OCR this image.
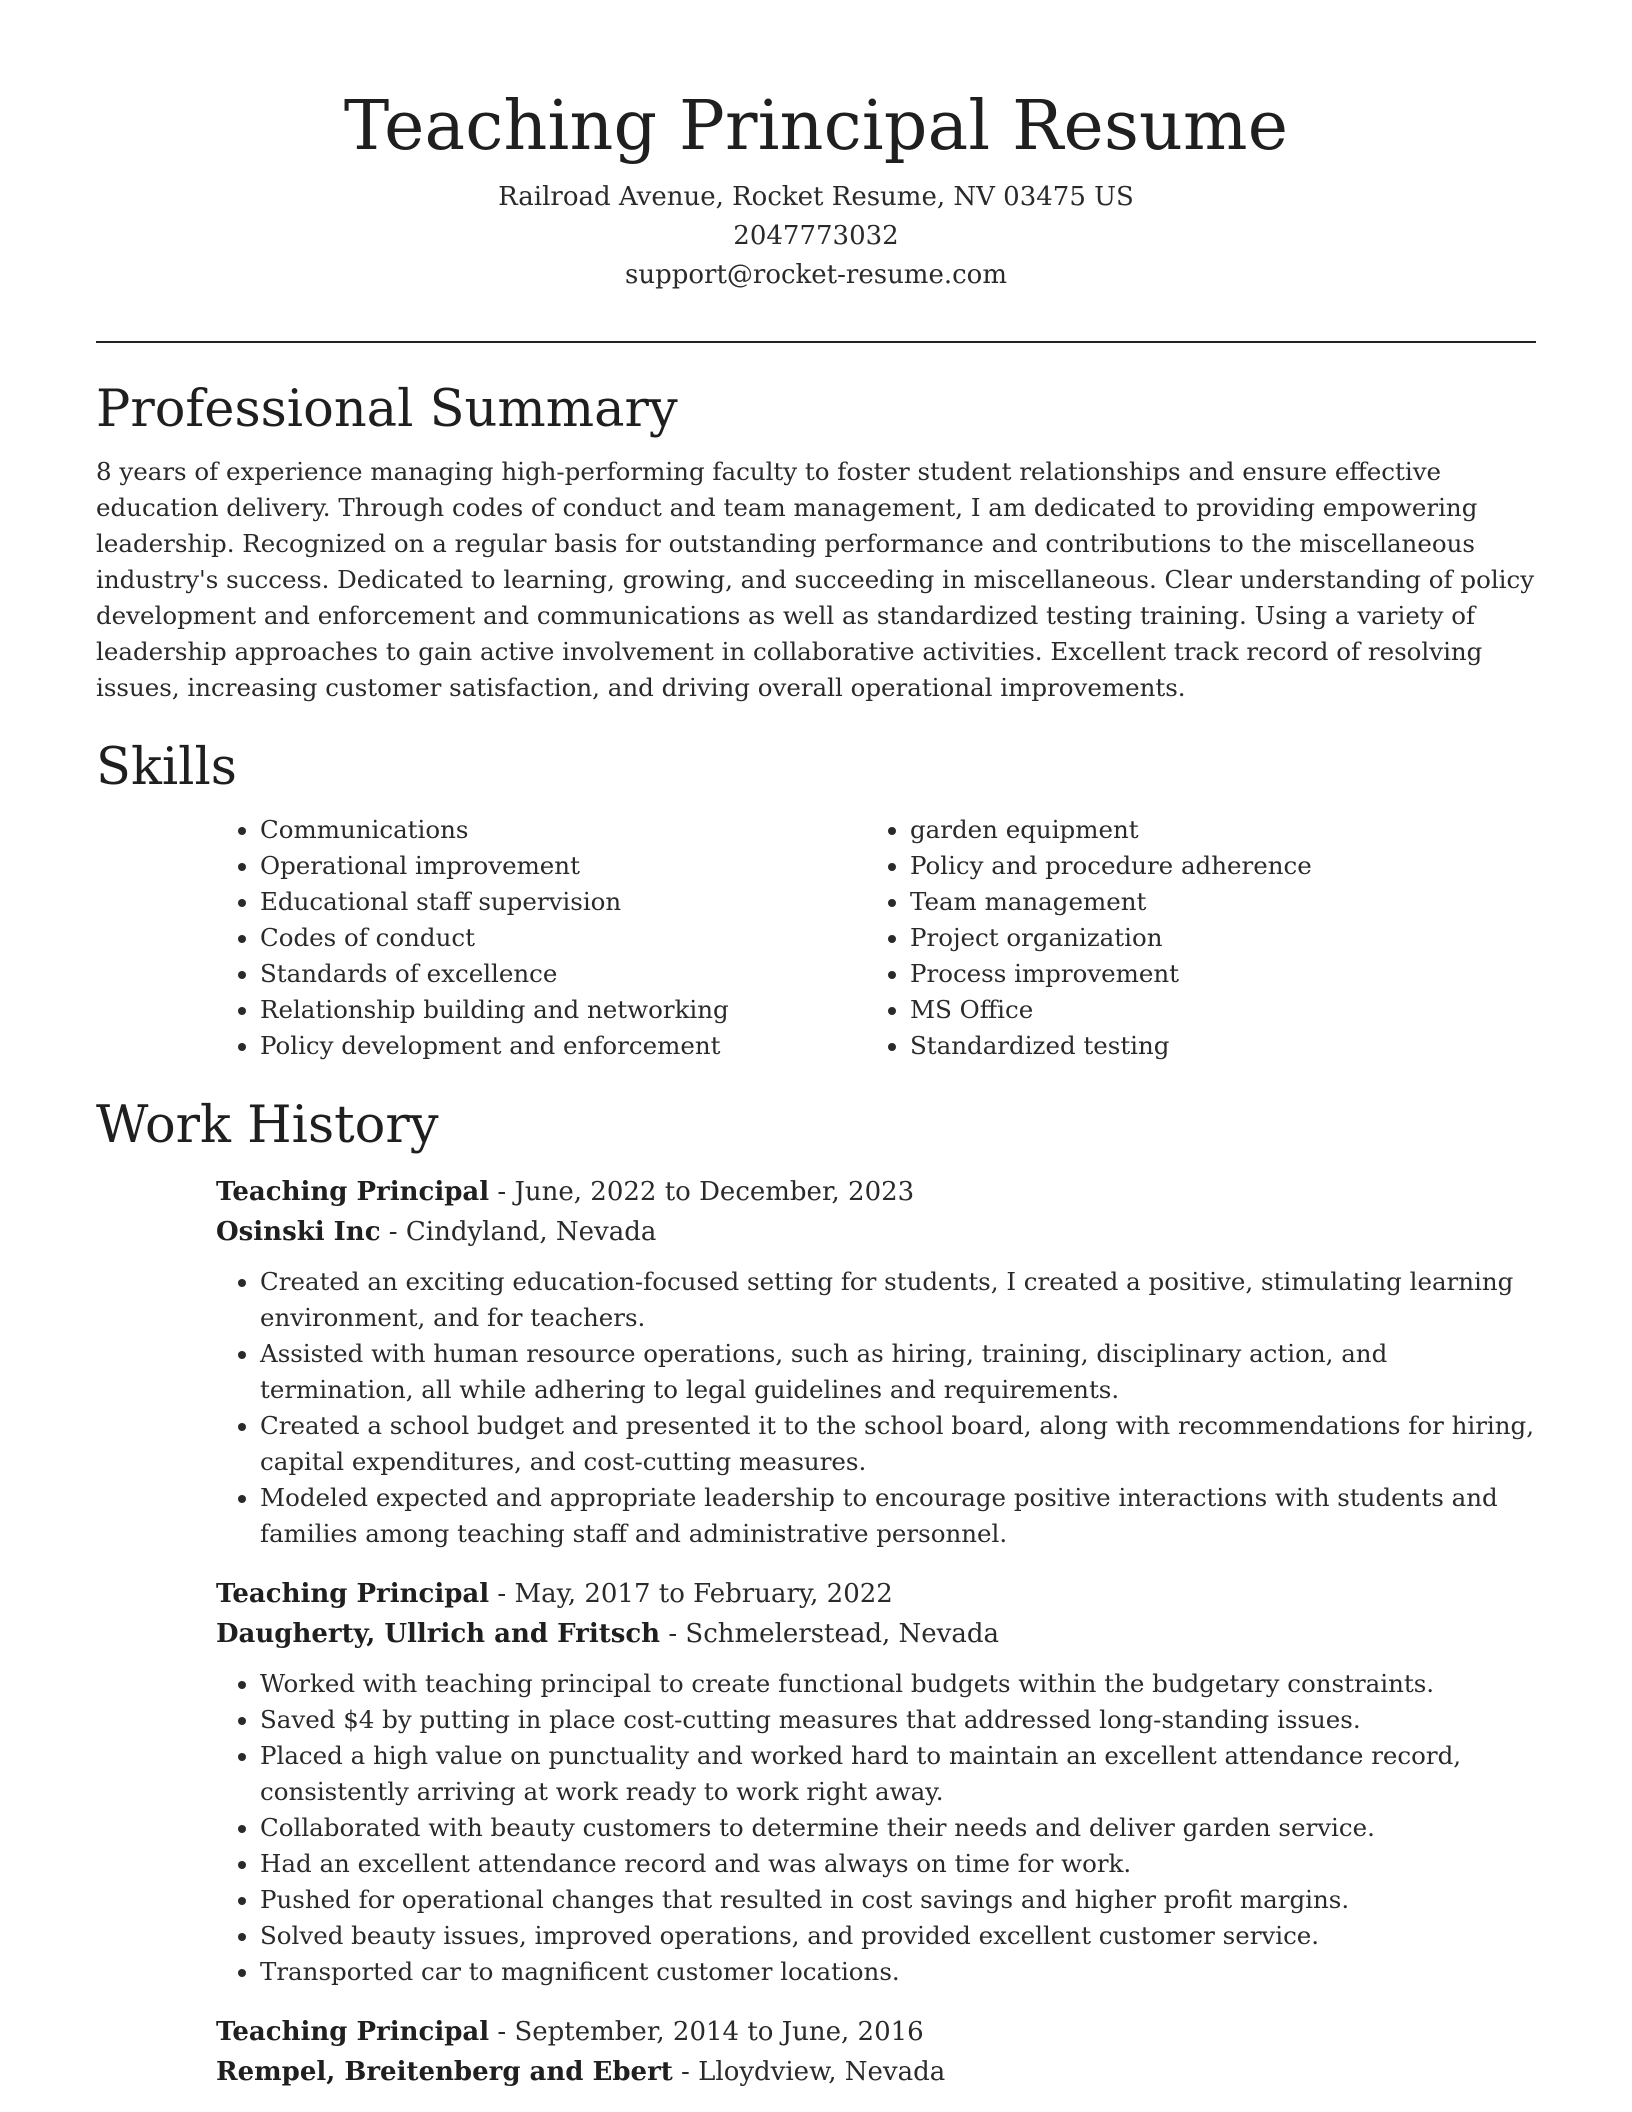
Teaching Principal Resume
Railroad Avenue, Rocket Resume, NV 03475 US
2047773032
support@rocket-resume.com
Professional Summary

8 years of experience managing high-performing faculty to foster student relationships and ensure effective education delivery. Through codes of conduct and team management, I am dedicated to providing empowering leadership. Recognized on a regular basis for outstanding performance and contributions to the miscellaneous industry's success. Dedicated to learning, growing, and succeeding in miscellaneous. Clear understanding of policy development and enforcement and communications as well as standardized testing training. Using a variety of leadership approaches to gain active involvement in collaborative activities. Excellent track record of resolving issues, increasing customer satisfaction, and driving overall operational improvements.

Skills
• Communications
• Operational improvement
• Educational staff supervision
• Codes of conduct
• Standards of excellence
• Relationship building and networking
• Policy development and enforcement
• garden equipment
• Policy and procedure adherence
• Team management
• Project organization
• Process improvement
• MS Office
• Standardized testing
Work History
Teaching Principal - June, 2022 to December, 2023
Osinski Inc - Cindyland, Nevada
• Created an exciting education-focused setting for students, I created a positive, stimulating learning environment, and for teachers.
• Assisted with human resource operations, such as hiring, training, disciplinary action, and termination, all while adhering to legal guidelines and requirements.
• Created a school budget and presented it to the school board, along with recommendations for hiring, capital expenditures, and cost-cutting measures.
• Modeled expected and appropriate leadership to encourage positive interactions with students and families among teaching staff and administrative personnel.
Teaching Principal - May, 2017 to February, 2022
Daugherty, Ullrich and Fritsch - Schmelerstead, Nevada
• Worked with teaching principal to create functional budgets within the budgetary constraints.
• Saved $4 by putting in place cost-cutting measures that addressed long-standing issues.
• Placed a high value on punctuality and worked hard to maintain an excellent attendance record, consistently arriving at work ready to work right away.
• Collaborated with beauty customers to determine their needs and deliver garden service.
• Had an excellent attendance record and was always on time for work.
• Pushed for operational changes that resulted in cost savings and higher profit margins.
• Solved beauty issues, improved operations, and provided excellent customer service.
• Transported car to magnificent customer locations.
Teaching Principal - September, 2014 to June, 2016
Rempel, Breitenberg and Ebert - Lloydview, Nevada
